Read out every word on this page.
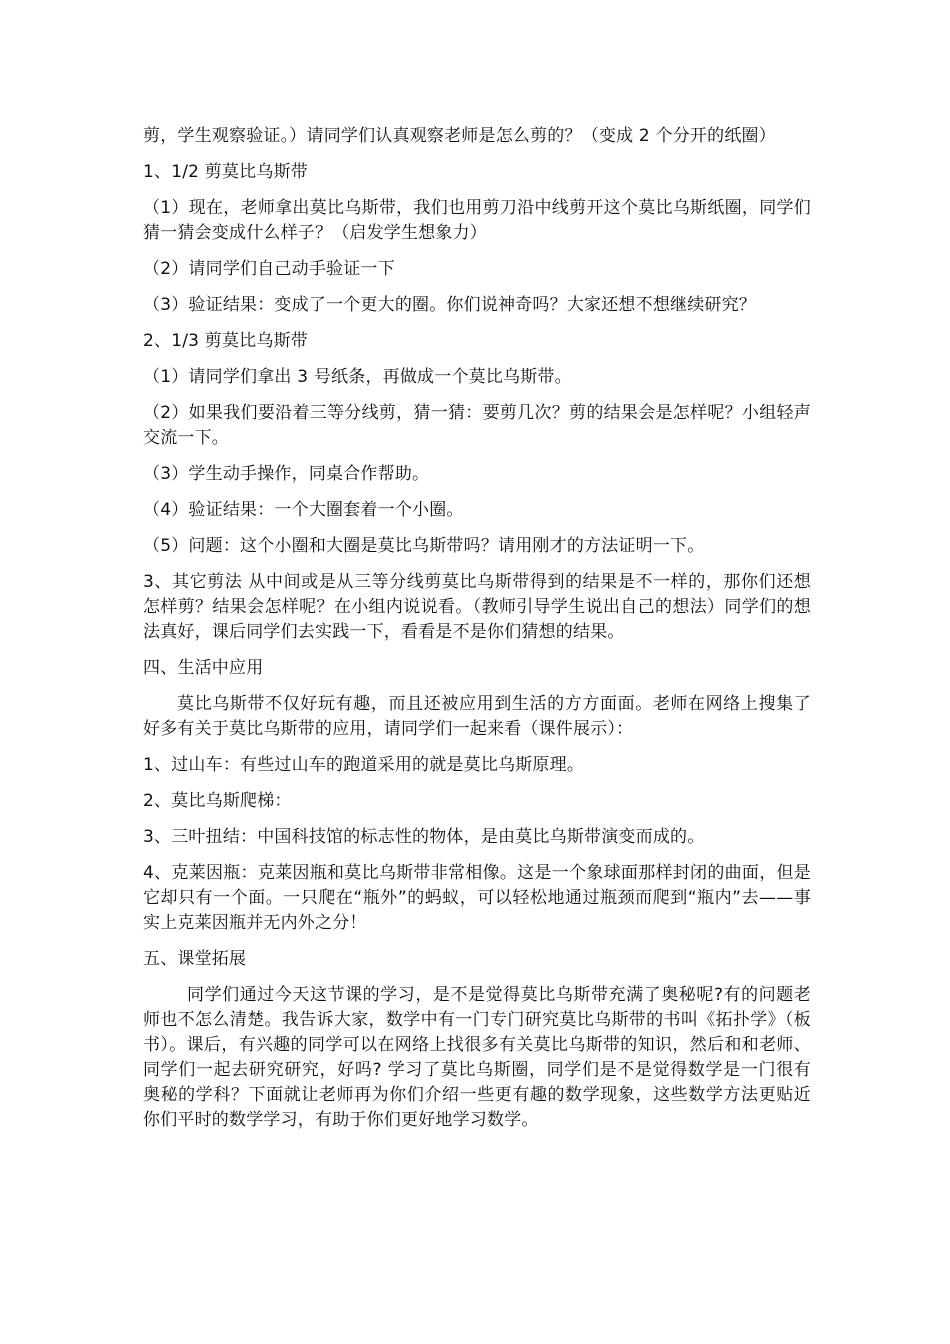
剪，学生观察验证。）请同学们认真观察老师是怎么剪的？（变成 2 个分开的纸圈）

1、1/2 剪莫比乌斯带

（1）现在，老师拿出莫比乌斯带，我们也用剪刀沿中线剪开这个莫比乌斯纸圈，同学们猜一猜会变成什么样子？（启发学生想象力）

（2）请同学们自己动手验证一下

（3）验证结果：变成了一个更大的圈。你们说神奇吗？大家还想不想继续研究？

2、1/3 剪莫比乌斯带

（1）请同学们拿出 3 号纸条，再做成一个莫比乌斯带。

（2）如果我们要沿着三等分线剪，猜一猜：要剪几次？剪的结果会是怎样呢？小组轻声交流一下。

（3）学生动手操作，同桌合作帮助。

（4）验证结果：一个大圈套着一个小圈。

（5）问题：这个小圈和大圈是莫比乌斯带吗？请用刚才的方法证明一下。

3、其它剪法 从中间或是从三等分线剪莫比乌斯带得到的结果是不一样的，那你们还想怎样剪？结果会怎样呢？在小组内说说看。（教师引导学生说出自己的想法）同学们的想法真好，课后同学们去实践一下，看看是不是你们猜想的结果。

四、生活中应用

莫比乌斯带不仅好玩有趣，而且还被应用到生活的方方面面。老师在网络上搜集了好多有关于莫比乌斯带的应用，请同学们一起来看（课件展示）：

1、过山车：有些过山车的跑道采用的就是莫比乌斯原理。

2、莫比乌斯爬梯：

3、三叶扭结：中国科技馆的标志性的物体，是由莫比乌斯带演变而成的。

4、克莱因瓶：克莱因瓶和莫比乌斯带非常相像。这是一个象球面那样封闭的曲面，但是它却只有一个面。一只爬在“瓶外”的蚂蚁，可以轻松地通过瓶颈而爬到“瓶内”去——事实上克莱因瓶并无内外之分！

五、课堂拓展

同学们通过今天这节课的学习，是不是觉得莫比乌斯带充满了奥秘呢?有的问题老师也不怎么清楚。我告诉大家，数学中有一门专门研究莫比乌斯带的书叫《拓扑学》（板书）。课后，有兴趣的同学可以在网络上找很多有关莫比乌斯带的知识，然后和和老师、同学们一起去研究研究，好吗? 学习了莫比乌斯圈，同学们是不是觉得数学是一门很有奥秘的学科？下面就让老师再为你们介绍一些更有趣的数学现象，这些数学方法更贴近你们平时的数学学习，有助于你们更好地学习数学。
